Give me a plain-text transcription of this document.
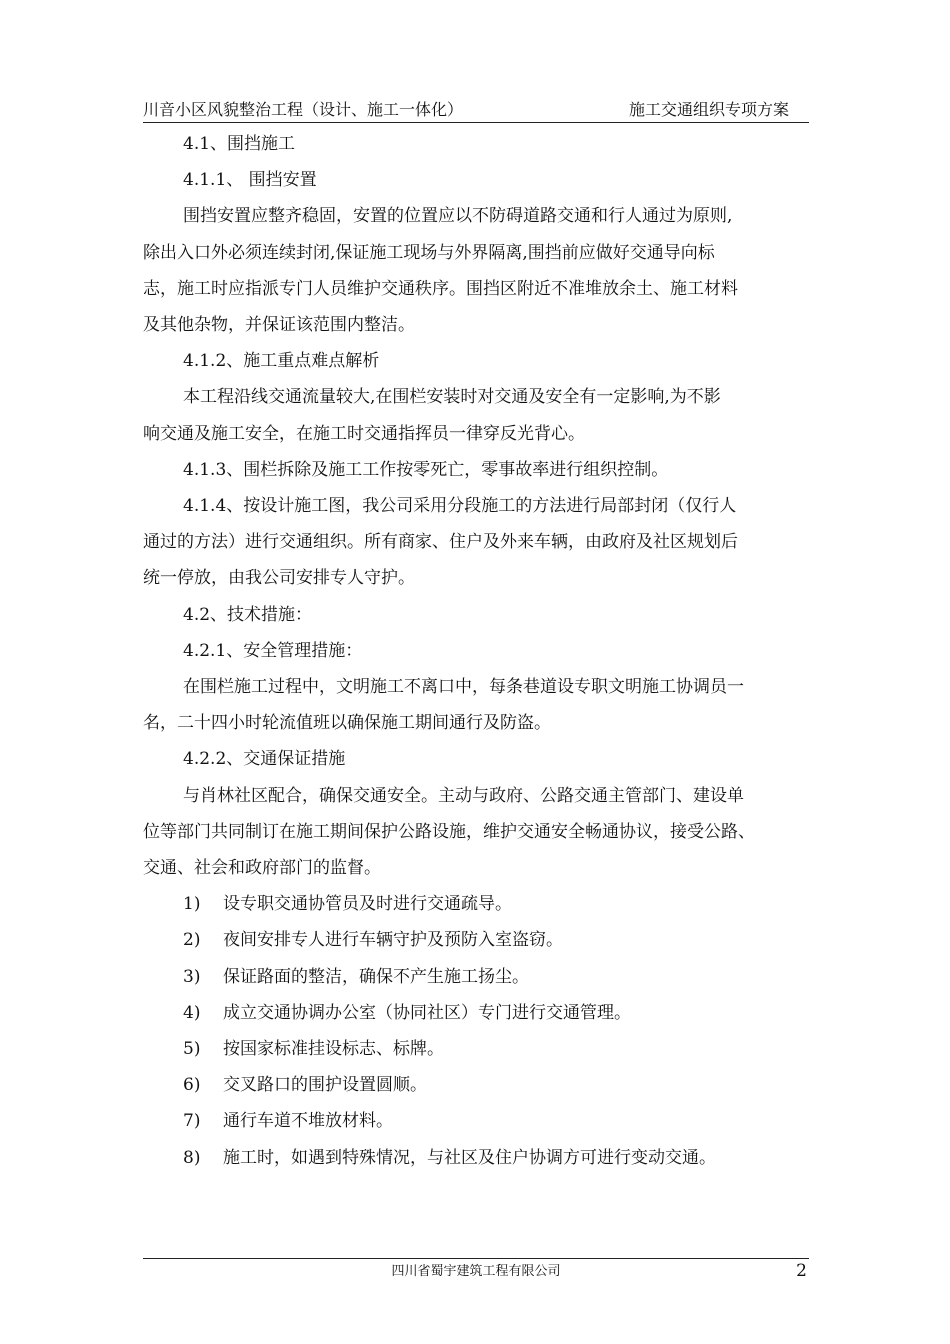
川音小区风貌整治工程（设计、施工一体化）	施工交通组织专项方案

4.1、围挡施工

4.1.1、 围挡安置

围挡安置应整齐稳固，安置的位置应以不防碍道路交通和行人通过为原则,

除出入口外必须连续封闭,保证施工现场与外界隔离,围挡前应做好交通导向标

志，施工时应指派专门人员维护交通秩序。围挡区附近不准堆放余土、施工材料

及其他杂物，并保证该范围内整洁。

4.1.2、施工重点难点解析

本工程沿线交通流量较大,在围栏安装时对交通及安全有一定影响,为不影

响交通及施工安全，在施工时交通指挥员一律穿反光背心。

4.1.3、围栏拆除及施工工作按零死亡，零事故率进行组织控制。

4.1.4、按设计施工图，我公司采用分段施工的方法进行局部封闭（仅行人

通过的方法）进行交通组织。所有商家、住户及外来车辆，由政府及社区规划后

统一停放，由我公司安排专人守护。

4.2、技术措施：

4.2.1、安全管理措施：

在围栏施工过程中，文明施工不离口中，每条巷道设专职文明施工协调员一

名，二十四小时轮流值班以确保施工期间通行及防盗。

4.2.2、交通保证措施

与肖林社区配合，确保交通安全。主动与政府、公路交通主管部门、建设单

位等部门共同制订在施工期间保护公路设施，维护交通安全畅通协议，接受公路、

交通、社会和政府部门的监督。

1) 设专职交通协管员及时进行交通疏导。

2) 夜间安排专人进行车辆守护及预防入室盗窃。

3) 保证路面的整洁，确保不产生施工扬尘。

4) 成立交通协调办公室（协同社区）专门进行交通管理。

5) 按国家标准挂设标志、标牌。

6) 交叉路口的围护设置圆顺。

7) 通行车道不堆放材料。

8) 施工时，如遇到特殊情况，与社区及住户协调方可进行变动交通。

四川省蜀宇建筑工程有限公司	2
